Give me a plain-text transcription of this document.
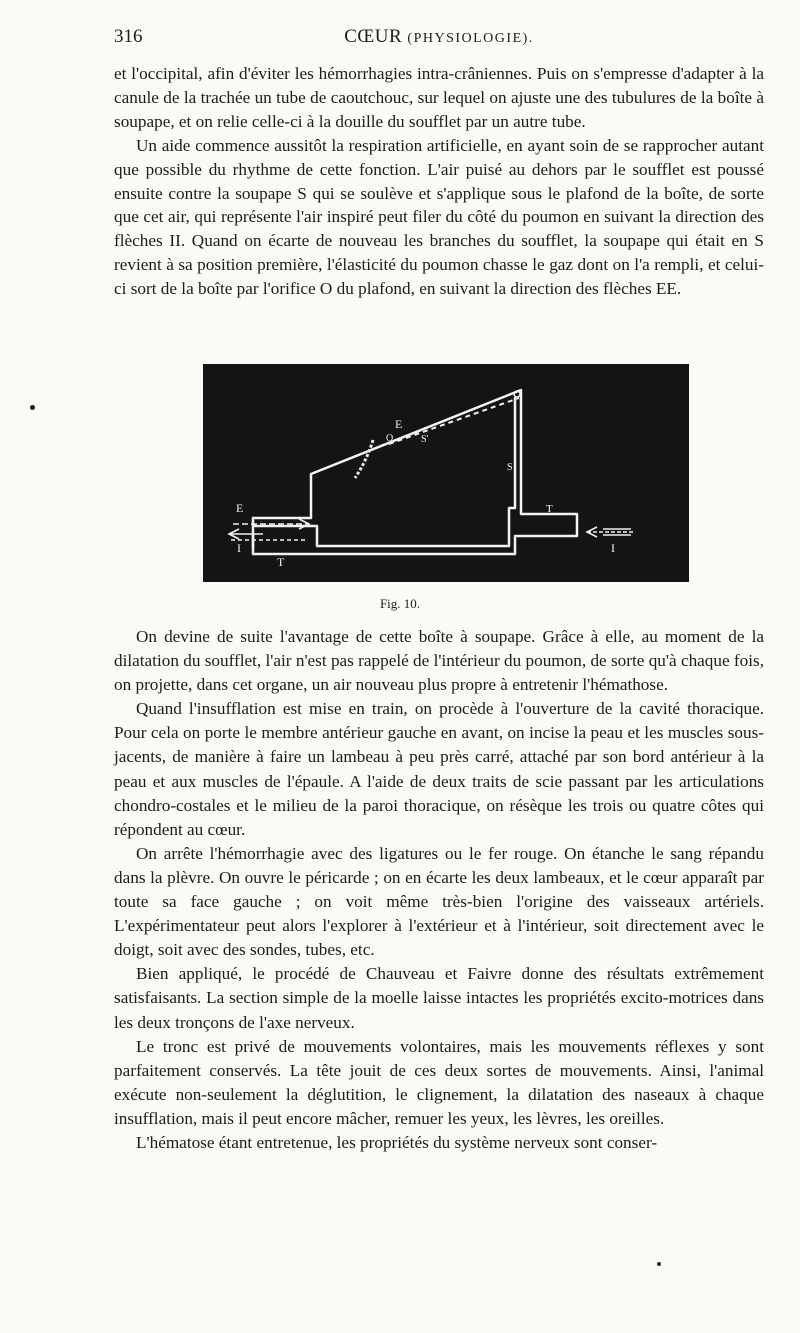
316	CŒUR (PHYSIOLOGIE).

et l'occipital, afin d'éviter les hémorrhagies intra-crâniennes. Puis on s'empresse d'adapter à la canule de la trachée un tube de caoutchouc, sur lequel on ajuste une des tubulures de la boîte à soupape, et on relie celle-ci à la douille du soufflet par un autre tube.

Un aide commence aussitôt la respiration artificielle, en ayant soin de se rapprocher autant que possible du rhythme de cette fonction. L'air puisé au dehors par le soufflet est poussé ensuite contre la soupape S qui se soulève et s'applique sous le plafond de la boîte, de sorte que cet air, qui représente l'air inspiré peut filer du côté du poumon en suivant la direction des flèches II. Quand on écarte de nouveau les branches du soufflet, la soupape qui était en S revient à sa position première, l'élasticité du poumon chasse le gaz dont on l'a rempli, et celui-ci sort de la boîte par l'orifice O du plafond, en suivant la direction des flèches EE.

E
O	S'
S
E
I
T
T
I
Fig. 10.

On devine de suite l'avantage de cette boîte à soupape. Grâce à elle, au moment de la dilatation du soufflet, l'air n'est pas rappelé de l'intérieur du poumon, de sorte qu'à chaque fois, on projette, dans cet organe, un air nouveau plus propre à entretenir l'hémathose.

Quand l'insufflation est mise en train, on procède à l'ouverture de la cavité thoracique. Pour cela on porte le membre antérieur gauche en avant, on incise la peau et les muscles sous-jacents, de manière à faire un lambeau à peu près carré, attaché par son bord antérieur à la peau et aux muscles de l'épaule. A l'aide de deux traits de scie passant par les articulations chondro-costales et le milieu de la paroi thoracique, on résèque les trois ou quatre côtes qui répondent au cœur.

On arrête l'hémorrhagie avec des ligatures ou le fer rouge. On étanche le sang répandu dans la plèvre. On ouvre le péricarde ; on en écarte les deux lambeaux, et le cœur apparaît par toute sa face gauche ; on voit même très-bien l'origine des vaisseaux artériels. L'expérimentateur peut alors l'explorer à l'extérieur et à l'intérieur, soit directement avec le doigt, soit avec des sondes, tubes, etc.

Bien appliqué, le procédé de Chauveau et Faivre donne des résultats extrêmement satisfaisants. La section simple de la moelle laisse intactes les propriétés excito-motrices dans les deux tronçons de l'axe nerveux.

Le tronc est privé de mouvements volontaires, mais les mouvements réflexes y sont parfaitement conservés. La tête jouit de ces deux sortes de mouvements. Ainsi, l'animal exécute non-seulement la déglutition, le clignement, la dilatation des naseaux à chaque insufflation, mais il peut encore mâcher, remuer les yeux, les lèvres, les oreilles.

L'hématose étant entretenue, les propriétés du système nerveux sont conser-
